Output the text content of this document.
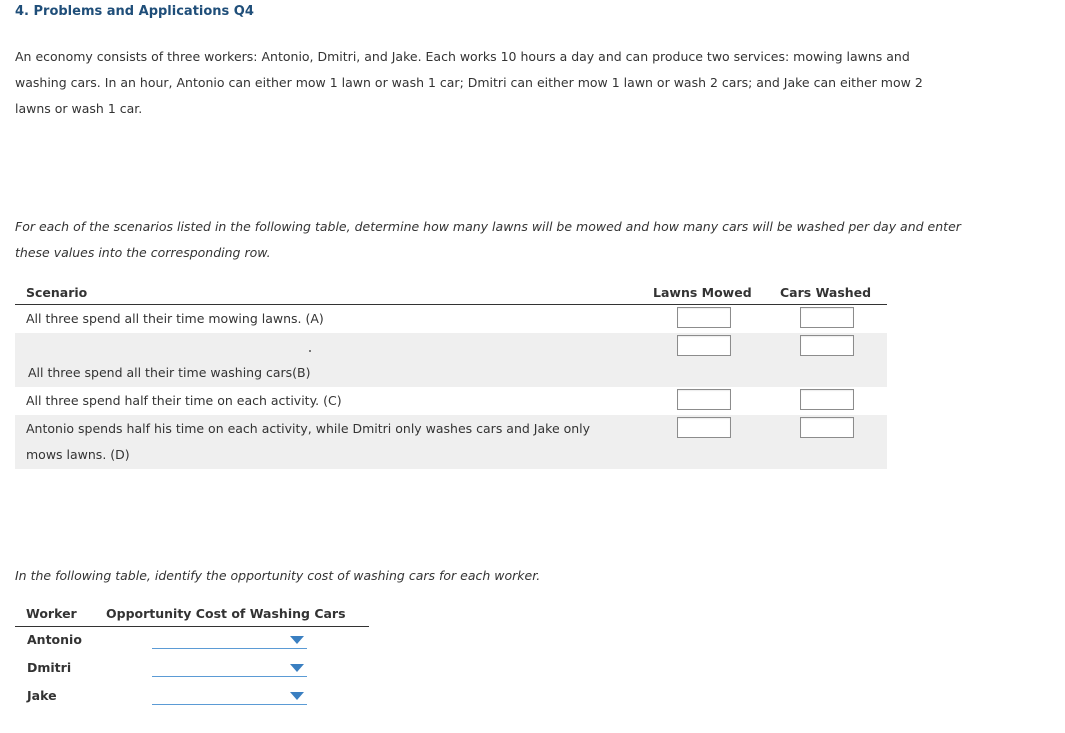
4. Problems and Applications Q4
An economy consists of three workers: Antonio, Dmitri, and Jake. Each works 10 hours a day and can produce two services: mowing lawns and
washing cars. In an hour, Antonio can either mow 1 lawn or wash 1 car; Dmitri can either mow 1 lawn or wash 2 cars; and Jake can either mow 2
lawns or wash 1 car.
For each of the scenarios listed in the following table, determine how many lawns will be mowed and how many cars will be washed per day and enter
these values into the corresponding row.
Scenario	Lawns Mowed Cars Washed
All three spend all their time mowing lawns. (A)
All three spend all their time washing cars(B)
All three spend half their time on each activity. (C)
Antonio spends half his time on each activity, while Dmitri only washes cars and Jake only
mows lawns. (D)
In the following table, identify the opportunity cost of washing cars for each worker.
Worker Opportunity Cost of Washing Cars
Antonio
Dmitri
Jake
